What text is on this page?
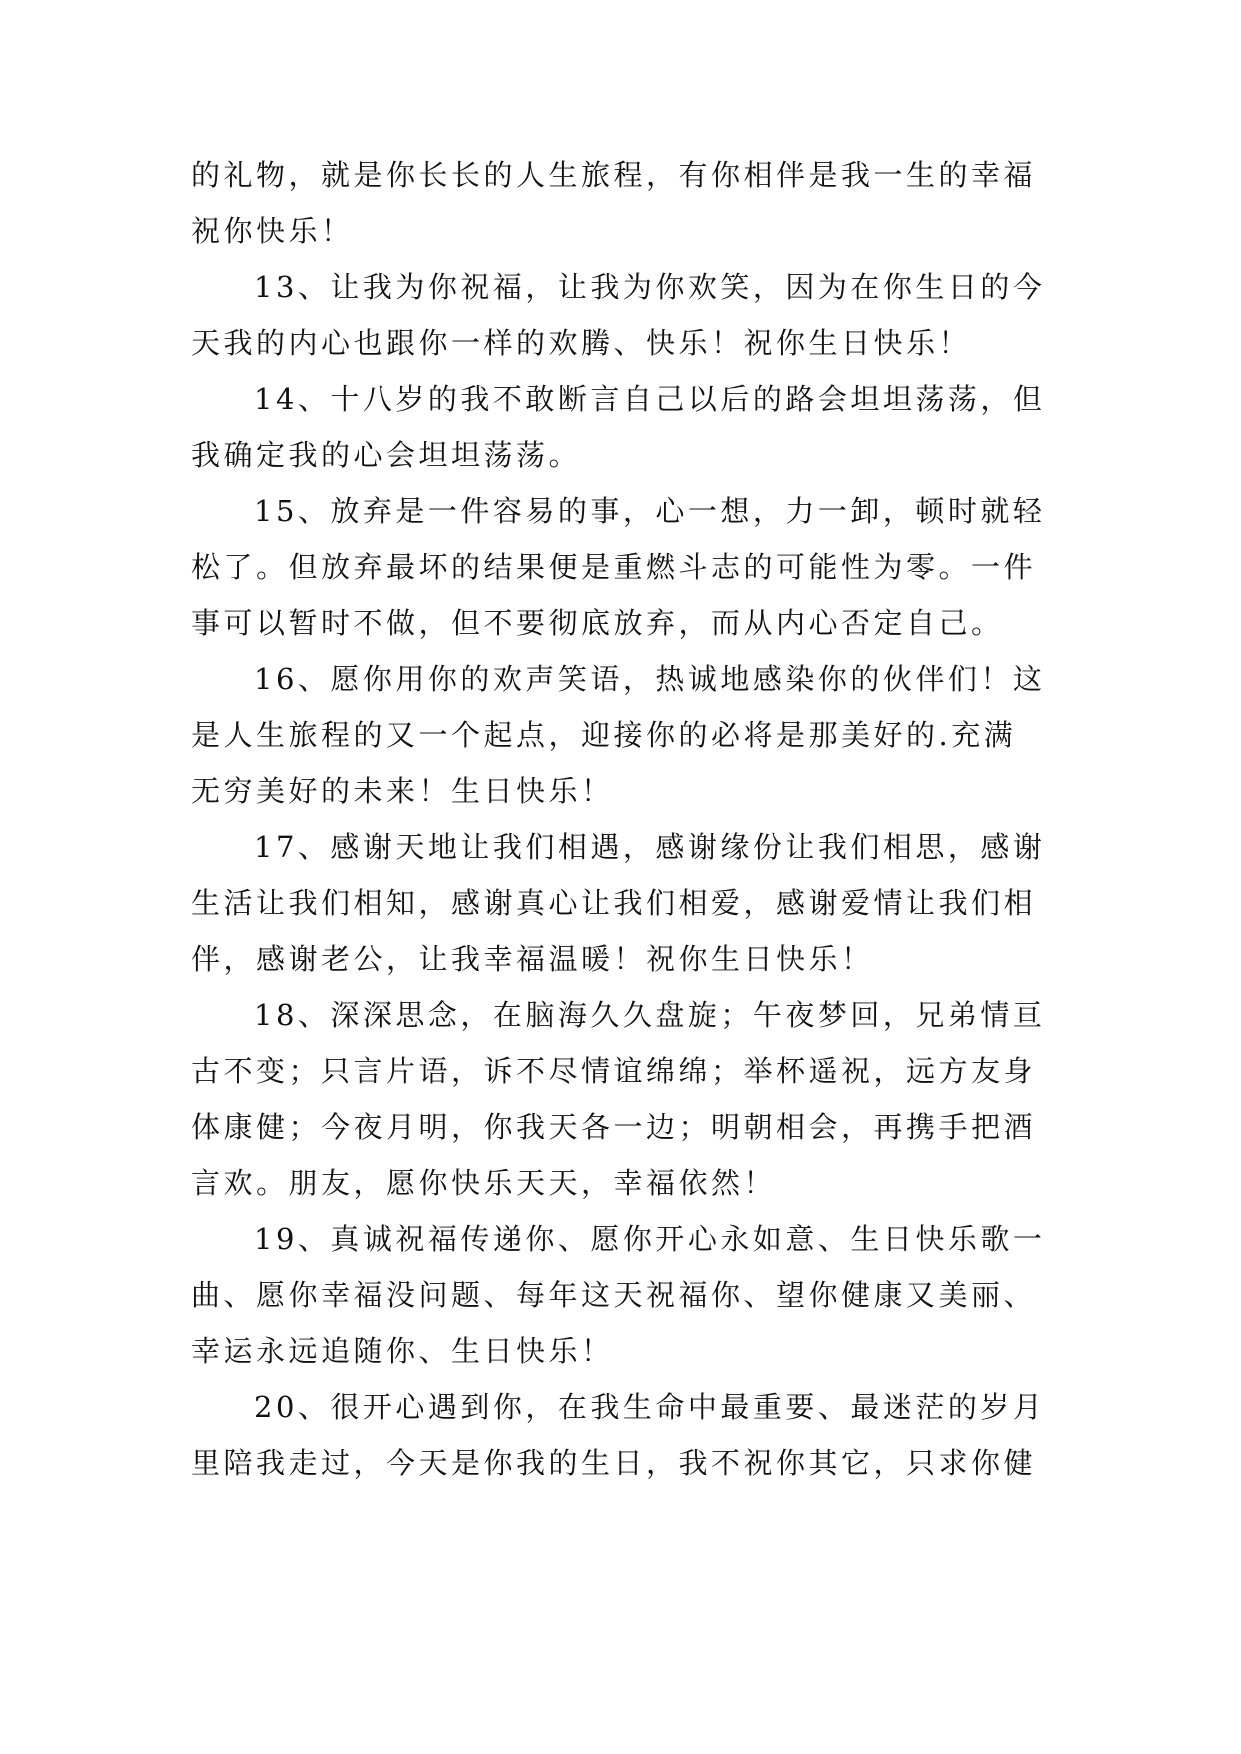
的礼物，就是你长长的人生旅程，有你相伴是我一生的幸福
祝你快乐！
13、让我为你祝福，让我为你欢笑，因为在你生日的今
天我的内心也跟你一样的欢腾、快乐！祝你生日快乐！
14、十八岁的我不敢断言自己以后的路会坦坦荡荡，但
我确定我的心会坦坦荡荡。
15、放弃是一件容易的事，心一想，力一卸，顿时就轻
松了。但放弃最坏的结果便是重燃斗志的可能性为零。一件
事可以暂时不做，但不要彻底放弃，而从内心否定自己。
16、愿你用你的欢声笑语，热诚地感染你的伙伴们！这
是人生旅程的又一个起点，迎接你的必将是那美好的.充满
无穷美好的未来！生日快乐！
17、感谢天地让我们相遇，感谢缘份让我们相思，感谢
生活让我们相知，感谢真心让我们相爱，感谢爱情让我们相
伴，感谢老公，让我幸福温暖！祝你生日快乐！
18、深深思念，在脑海久久盘旋；午夜梦回，兄弟情亘
古不变；只言片语，诉不尽情谊绵绵；举杯遥祝，远方友身
体康健；今夜月明，你我天各一边；明朝相会，再携手把酒
言欢。朋友，愿你快乐天天，幸福依然！
19、真诚祝福传递你、愿你开心永如意、生日快乐歌一
曲、愿你幸福没问题、每年这天祝福你、望你健康又美丽、
幸运永远追随你、生日快乐！
20、很开心遇到你，在我生命中最重要、最迷茫的岁月
里陪我走过，今天是你我的生日，我不祝你其它，只求你健
